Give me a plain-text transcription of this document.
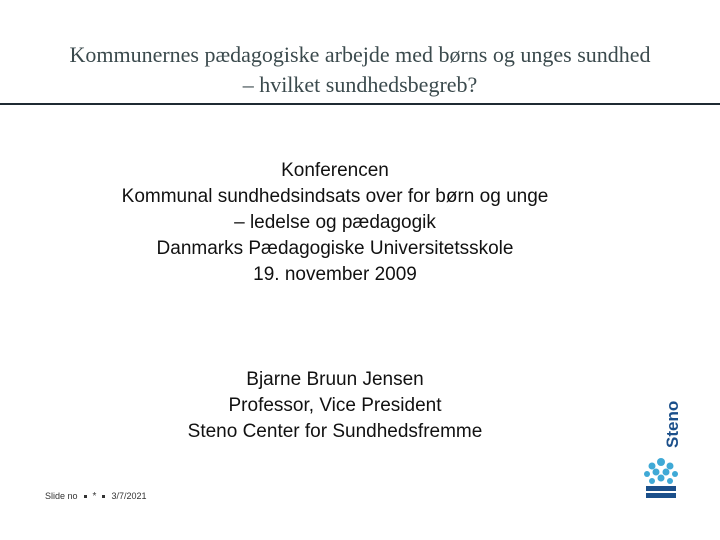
Kommunernes pædagogiske arbejde med børns og unges sundhed
– hvilket sundhedsbegreb?
Konferencen
Kommunal sundhedsindsats over for børn og unge
– ledelse og pædagogik
Danmarks Pædagogiske Universitetsskole
19. november 2009
Bjarne Bruun Jensen
Professor, Vice President
Steno Center for Sundhedsfremme
Slide no * 3/7/2021
Steno
